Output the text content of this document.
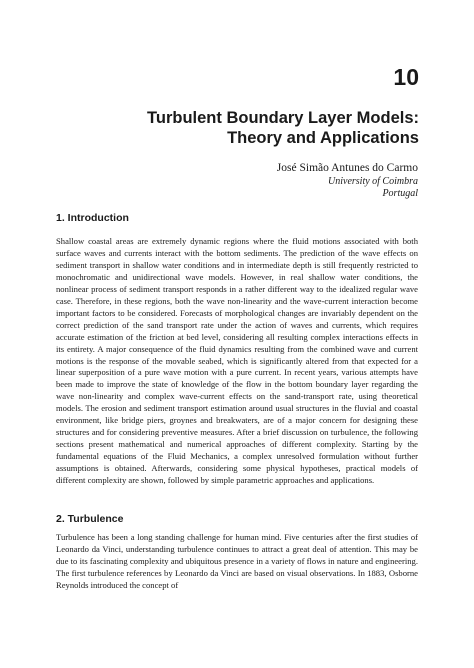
10
Turbulent Boundary Layer Models:
Theory and Applications
José Simão Antunes do Carmo
University of Coimbra
Portugal
1. Introduction

Shallow coastal areas are extremely dynamic regions where the fluid motions associated with both surface waves and currents interact with the bottom sediments. The prediction of the wave effects on sediment transport in shallow water conditions and in intermediate depth is still frequently restricted to monochromatic and unidirectional wave models. However, in real shallow water conditions, the nonlinear process of sediment transport responds in a rather different way to the idealized regular wave case. Therefore, in these regions, both the wave non-linearity and the wave-current interaction become important factors to be considered. Forecasts of morphological changes are invariably dependent on the correct prediction of the sand transport rate under the action of waves and currents, which requires accurate estimation of the friction at bed level, considering all resulting complex interactions effects in its entirety. A major consequence of the fluid dynamics resulting from the combined wave and current motions is the response of the movable seabed, which is significantly altered from that expected for a linear superposition of a pure wave motion with a pure current. In recent years, various attempts have been made to improve the state of knowledge of the flow in the bottom boundary layer regarding the wave non-linearity and complex wave-current effects on the sand-transport rate, using theoretical models. The erosion and sediment transport estimation around usual structures in the fluvial and coastal environment, like bridge piers, groynes and breakwaters, are of a major concern for designing these structures and for considering preventive measures. After a brief discussion on turbulence, the following sections present mathematical and numerical approaches of different complexity. Starting by the fundamental equations of the Fluid Mechanics, a complex unresolved formulation without further assumptions is obtained. Afterwards, considering some physical hypotheses, practical models of different complexity are shown, followed by simple parametric approaches and applications.

2. Turbulence

Turbulence has been a long standing challenge for human mind. Five centuries after the first studies of Leonardo da Vinci, understanding turbulence continues to attract a great deal of attention. This may be due to its fascinating complexity and ubiquitous presence in a variety of flows in nature and engineering. The first turbulence references by Leonardo da Vinci are based on visual observations. In 1883, Osborne Reynolds introduced the concept of
